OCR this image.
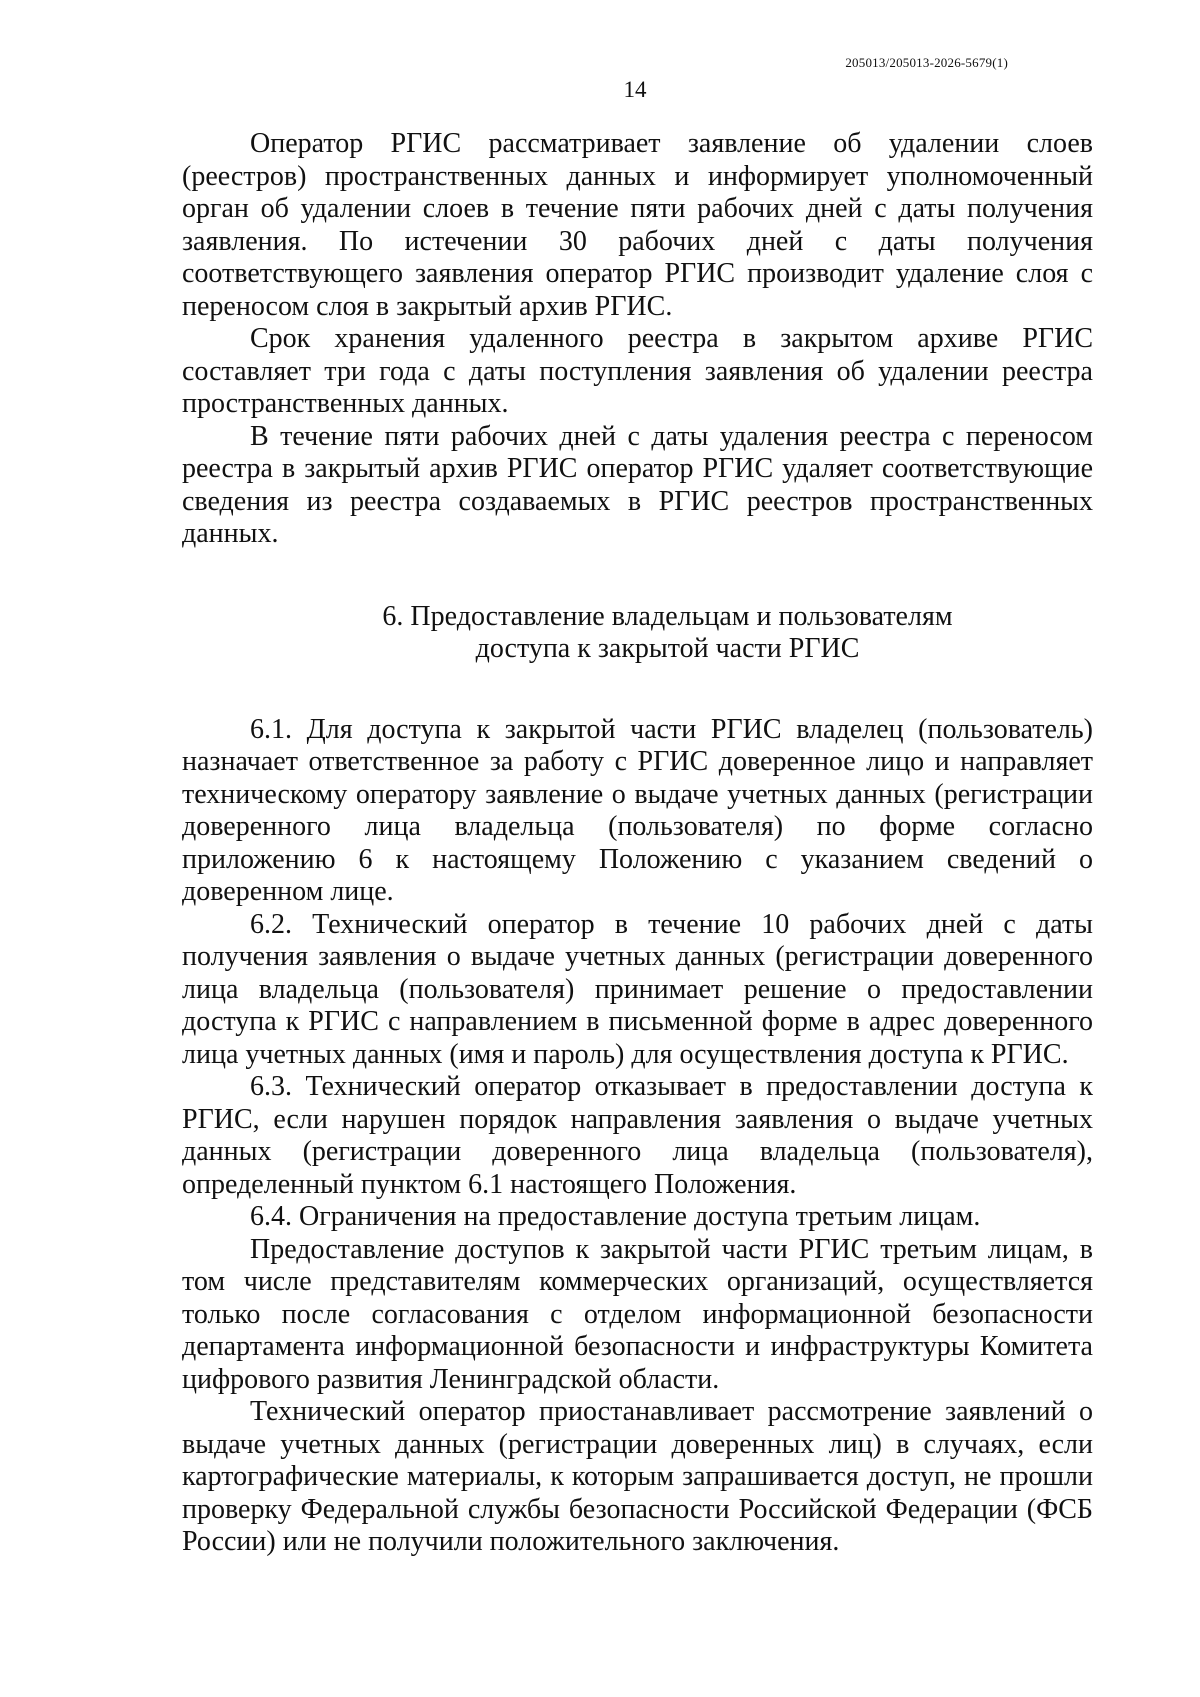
205013/205013-2026-5679(1)
14

Оператор РГИС рассматривает заявление об удалении слоев (реестров) пространственных данных и информирует уполномоченный орган об удалении слоев в течение пяти рабочих дней с даты получения заявления. По истечении 30 рабочих дней с даты получения соответствующего заявления оператор РГИС производит удаление слоя с переносом слоя в закрытый архив РГИС.

Срок хранения удаленного реестра в закрытом архиве РГИС составляет три года с даты поступления заявления об удалении реестра пространственных данных.

В течение пяти рабочих дней с даты удаления реестра с переносом реестра в закрытый архив РГИС оператор РГИС удаляет соответствующие сведения из реестра создаваемых в РГИС реестров пространственных данных.

6. Предоставление владельцам и пользователям
доступа к закрытой части РГИС

6.1. Для доступа к закрытой части РГИС владелец (пользователь) назначает ответственное за работу с РГИС доверенное лицо и направляет техническому оператору заявление о выдаче учетных данных (регистрации доверенного лица владельца (пользователя) по форме согласно приложению 6 к настоящему Положению с указанием сведений о доверенном лице.

6.2. Технический оператор в течение 10 рабочих дней с даты получения заявления о выдаче учетных данных (регистрации доверенного лица владельца (пользователя) принимает решение о предоставлении доступа к РГИС с направлением в письменной форме в адрес доверенного лица учетных данных (имя и пароль) для осуществления доступа к РГИС.

6.3. Технический оператор отказывает в предоставлении доступа к РГИС, если нарушен порядок направления заявления о выдаче учетных данных (регистрации доверенного лица владельца (пользователя), определенный пунктом 6.1 настоящего Положения.

6.4. Ограничения на предоставление доступа третьим лицам.

Предоставление доступов к закрытой части РГИС третьим лицам, в том числе представителям коммерческих организаций, осуществляется только после согласования с отделом информационной безопасности департамента информационной безопасности и инфраструктуры Комитета цифрового развития Ленинградской области.

Технический оператор приостанавливает рассмотрение заявлений о выдаче учетных данных (регистрации доверенных лиц) в случаях, если картографические материалы, к которым запрашивается доступ, не прошли проверку Федеральной службы безопасности Российской Федерации (ФСБ России) или не получили положительного заключения.
